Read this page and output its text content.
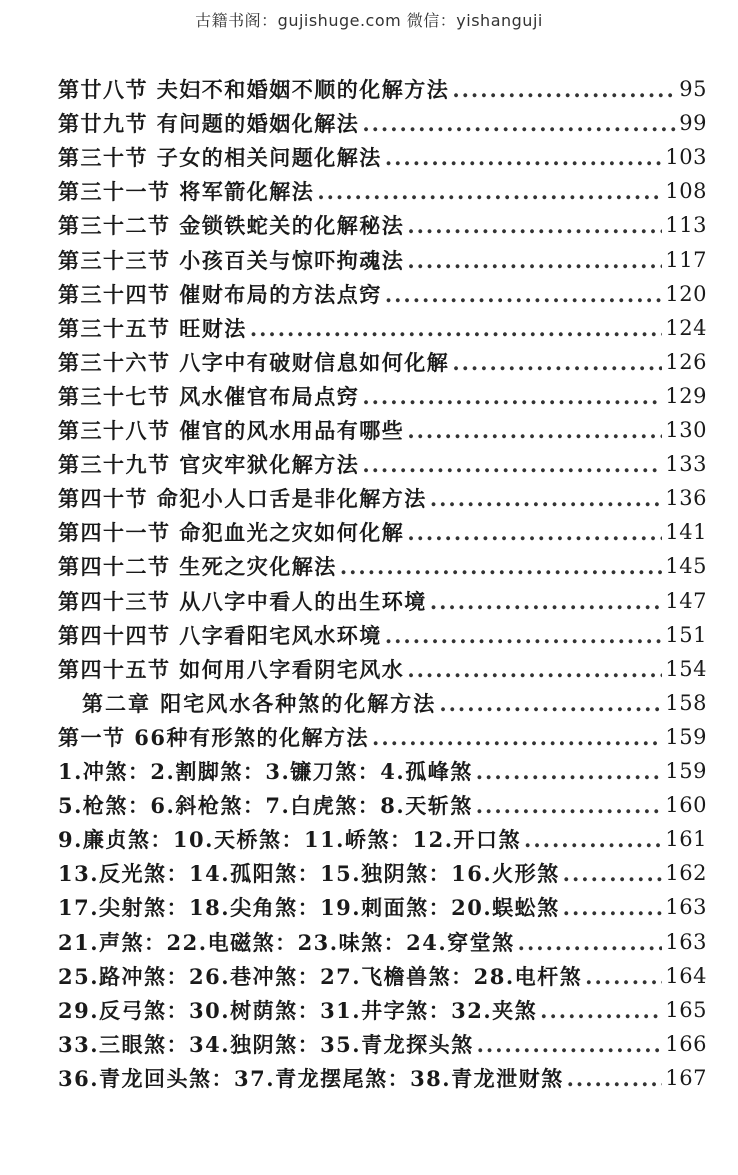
古籍书阁：gujishuge.com 微信：yishanguji
第廿八节 夫妇不和婚姻不顺的化解方法 .....	95
第廿九节 有问题的婚姻化解法 .....	99
第三十节 子女的相关问题化解法 .....	103
第三十一节 将军箭化解法 .....	108
第三十二节 金锁铁蛇关的化解秘法 .....	113
第三十三节 小孩百关与惊吓拘魂法 .....	117
第三十四节 催财布局的方法点窍 .....	120
第三十五节 旺财法 .....	124
第三十六节 八字中有破财信息如何化解 .....	126
第三十七节 风水催官布局点窍 .....	129
第三十八节 催官的风水用品有哪些 .....	130
第三十九节 官灾牢狱化解方法 .....	133
第四十节 命犯小人口舌是非化解方法 .....	136
第四十一节 命犯血光之灾如何化解 .....	141
第四十二节 生死之灾化解法 .....	145
第四十三节 从八字中看人的出生环境 .....	147
第四十四节 八字看阳宅风水环境 .....	151
第四十五节 如何用八字看阴宅风水 .....	154
第二章 阳宅风水各种煞的化解方法 .....	158
第一节 66种有形煞的化解方法 .....	159
1.冲煞：2.割脚煞：3.镰刀煞：4.孤峰煞 .....	159
5.枪煞：6.斜枪煞：7.白虎煞：8.天斩煞 .....	160
9.廉贞煞：10.天桥煞：11.峤煞：12.开口煞 .....	161
13.反光煞：14.孤阳煞：15.独阴煞：16.火形煞 .....	162
17.尖射煞：18.尖角煞：19.刺面煞：20.蜈蚣煞 .....	163
21.声煞：22.电磁煞：23.味煞：24.穿堂煞 .....	163
25.路冲煞：26.巷冲煞：27.飞檐兽煞：28.电杆煞 .....	164
29.反弓煞：30.树荫煞：31.井字煞：32.夹煞 .....	165
33.三眼煞：34.独阴煞：35.青龙探头煞 .....	166
36.青龙回头煞：37.青龙摆尾煞：38.青龙泄财煞 .....	167
